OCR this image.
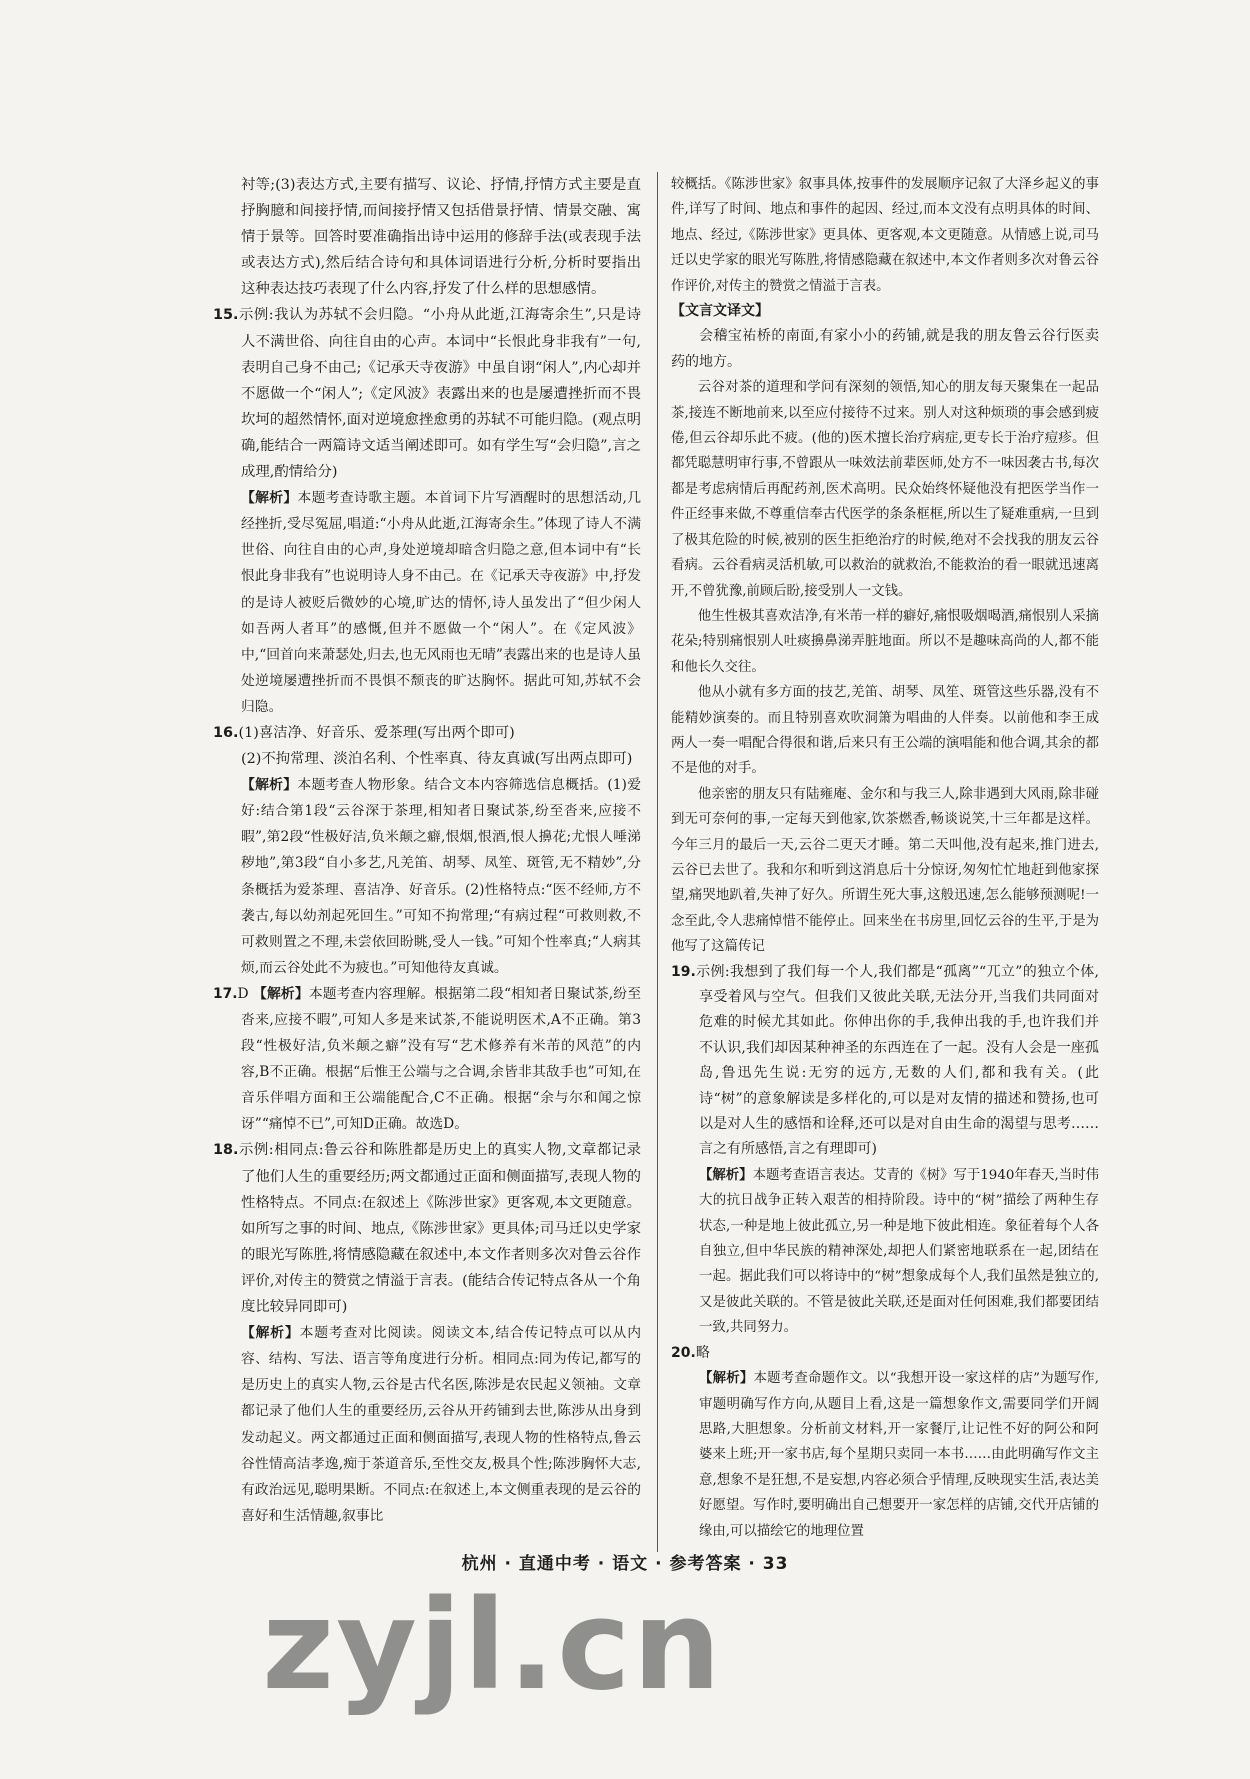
衬等;(3)表达方式,主要有描写、议论、抒情,抒情方式主要是直抒胸臆和间接抒情,而间接抒情又包括借景抒情、情景交融、寓情于景等。回答时要准确指出诗中运用的修辞手法(或表现手法或表达方式),然后结合诗句和具体词语进行分析,分析时要指出这种表达技巧表现了什么内容,抒发了什么样的思想感情。

15.示例:我认为苏轼不会归隐。“小舟从此逝,江海寄余生”,只是诗人不满世俗、向往自由的心声。本词中“长恨此身非我有”一句,表明自己身不由己;《记承天寺夜游》中虽自诩“闲人”,内心却并不愿做一个“闲人”;《定风波》表露出来的也是屡遭挫折而不畏坎坷的超然情怀,面对逆境愈挫愈勇的苏轼不可能归隐。(观点明确,能结合一两篇诗文适当阐述即可。如有学生写“会归隐”,言之成理,酌情给分)

【解析】本题考查诗歌主题。本首词下片写酒醒时的思想活动,几经挫折,受尽冤屈,唱道:“小舟从此逝,江海寄余生。”体现了诗人不满世俗、向往自由的心声,身处逆境却暗含归隐之意,但本词中有“长恨此身非我有”也说明诗人身不由己。在《记承天寺夜游》中,抒发的是诗人被贬后微妙的心境,旷达的情怀,诗人虽发出了“但少闲人如吾两人者耳”的感慨,但并不愿做一个“闲人”。在《定风波》中,“回首向来萧瑟处,归去,也无风雨也无晴”表露出来的也是诗人虽处逆境屡遭挫折而不畏惧不颓丧的旷达胸怀。据此可知,苏轼不会归隐。

16.(1)喜洁净、好音乐、爱茶理(写出两个即可)

(2)不拘常理、淡泊名利、个性率真、待友真诚(写出两点即可)

【解析】本题考查人物形象。结合文本内容筛选信息概括。(1)爱好:结合第1段“云谷深于茶理,相知者日聚试茶,纷至沓来,应接不暇”,第2段“性极好洁,负米颠之癖,恨烟,恨酒,恨人擤花;尤恨人唾涕秽地”,第3段“自小多艺,凡羌笛、胡琴、凤笙、斑管,无不精妙”,分条概括为爱茶理、喜洁净、好音乐。(2)性格特点:“医不经师,方不袭古,每以幼剂起死回生。”可知不拘常理;“有病过程“可救则救,不可救则置之不理,未尝依回盼眺,受人一钱。”可知个性率真;“人病其烦,而云谷处此不为疲也。”可知他待友真诚。

17.D 【解析】本题考查内容理解。根据第二段“相知者日聚试茶,纷至沓来,应接不暇”,可知人多是来试茶,不能说明医术,A不正确。第3段“性极好洁,负米颠之癖”没有写“艺术修养有米芾的风范”的内容,B不正确。根据“后惟王公端与之合调,余皆非其敌手也”可知,在音乐伴唱方面和王公端能配合,C不正确。根据“余与尔和闻之惊讶”“痛悼不已”,可知D正确。故选D。

18.示例:相同点:鲁云谷和陈胜都是历史上的真实人物,文章都记录了他们人生的重要经历;两文都通过正面和侧面描写,表现人物的性格特点。不同点:在叙述上《陈涉世家》更客观,本文更随意。如所写之事的时间、地点,《陈涉世家》更具体;司马迁以史学家的眼光写陈胜,将情感隐藏在叙述中,本文作者则多次对鲁云谷作评价,对传主的赞赏之情溢于言表。(能结合传记特点各从一个角度比较异同即可)

【解析】本题考查对比阅读。阅读文本,结合传记特点可以从内容、结构、写法、语言等角度进行分析。相同点:同为传记,都写的是历史上的真实人物,云谷是古代名医,陈涉是农民起义领袖。文章都记录了他们人生的重要经历,云谷从开药铺到去世,陈涉从出身到发动起义。两文都通过正面和侧面描写,表现人物的性格特点,鲁云谷性情高洁孝逸,痴于茶道音乐,至性交友,极具个性;陈涉胸怀大志,有政治远见,聪明果断。不同点:在叙述上,本文侧重表现的是云谷的喜好和生活情趣,叙事比

较概括。《陈涉世家》叙事具体,按事件的发展顺序记叙了大泽乡起义的事件,详写了时间、地点和事件的起因、经过,而本文没有点明具体的时间、地点、经过,《陈涉世家》更具体、更客观,本文更随意。从情感上说,司马迁以史学家的眼光写陈胜,将情感隐藏在叙述中,本文作者则多次对鲁云谷作评价,对传主的赞赏之情溢于言表。

【文言文译文】

会稽宝祐桥的南面,有家小小的药铺,就是我的朋友鲁云谷行医卖药的地方。

云谷对茶的道理和学问有深刻的领悟,知心的朋友每天聚集在一起品茶,接连不断地前来,以至应付接待不过来。别人对这种烦琐的事会感到疲倦,但云谷却乐此不疲。(他的)医术擅长治疗病症,更专长于治疗痘疹。但都凭聪慧明审行事,不曾跟从一味效法前辈医师,处方不一味因袭古书,每次都是考虑病情后再配药剂,医术高明。民众始终怀疑他没有把医学当作一件正经事来做,不尊重信奉古代医学的条条框框,所以生了疑难重病,一旦到了极其危险的时候,被别的医生拒绝治疗的时候,绝对不会找我的朋友云谷看病。云谷看病灵活机敏,可以救治的就救治,不能救治的看一眼就迅速离开,不曾犹豫,前顾后盼,接受别人一文钱。

他生性极其喜欢洁净,有米芾一样的癖好,痛恨吸烟喝酒,痛恨别人采摘花朵;特别痛恨别人吐痰擤鼻涕弄脏地面。所以不是趣味高尚的人,都不能和他长久交往。

他从小就有多方面的技艺,羌笛、胡琴、凤笙、斑管这些乐器,没有不能精妙演奏的。而且特别喜欢吹洞箫为唱曲的人伴奏。以前他和李王成两人一奏一唱配合得很和谐,后来只有王公端的演唱能和他合调,其余的都不是他的对手。

他亲密的朋友只有陆雍庵、金尔和与我三人,除非遇到大风雨,除非碰到无可奈何的事,一定每天到他家,饮茶燃香,畅谈说笑,十三年都是这样。今年三月的最后一天,云谷二更天才睡。第二天叫他,没有起来,推门进去,云谷已去世了。我和尔和听到这消息后十分惊讶,匆匆忙忙地赶到他家探望,痛哭地趴着,失神了好久。所谓生死大事,这般迅速,怎么能够预测呢!一念至此,令人悲痛悼惜不能停止。回来坐在书房里,回忆云谷的生平,于是为他写了这篇传记

19.示例:我想到了我们每一个人,我们都是“孤离”“兀立”的独立个体,享受着风与空气。但我们又彼此关联,无法分开,当我们共同面对危难的时候尤其如此。你伸出你的手,我伸出我的手,也许我们并不认识,我们却因某种神圣的东西连在了一起。没有人会是一座孤岛,鲁迅先生说:无穷的远方,无数的人们,都和我有关。(此诗“树”的意象解读是多样化的,可以是对友情的描述和赞扬,也可以是对人生的感悟和诠释,还可以是对自由生命的渴望与思考……言之有所感悟,言之有理即可)

【解析】本题考查语言表达。艾青的《树》写于1940年春天,当时伟大的抗日战争正转入艰苦的相持阶段。诗中的“树”描绘了两种生存状态,一种是地上彼此孤立,另一种是地下彼此相连。象征着每个人各自独立,但中华民族的精神深处,却把人们紧密地联系在一起,团结在一起。据此我们可以将诗中的“树”想象成每个人,我们虽然是独立的,又是彼此关联的。不管是彼此关联,还是面对任何困难,我们都要团结一致,共同努力。

20.略

【解析】本题考查命题作文。以“我想开设一家这样的店”为题写作,审题明确写作方向,从题目上看,这是一篇想象作文,需要同学们开阔思路,大胆想象。分析前文材料,开一家餐厅,让记性不好的阿公和阿婆来上班;开一家书店,每个星期只卖同一本书……由此明确写作文主意,想象不是狂想,不是妄想,内容必须合乎情理,反映现实生活,表达美好愿望。写作时,要明确出自己想要开一家怎样的店铺,交代开店铺的缘由,可以描绘它的地理位置

杭州 · 直通中考 · 语文 · 参考答案 · 33
zyjl.cn
